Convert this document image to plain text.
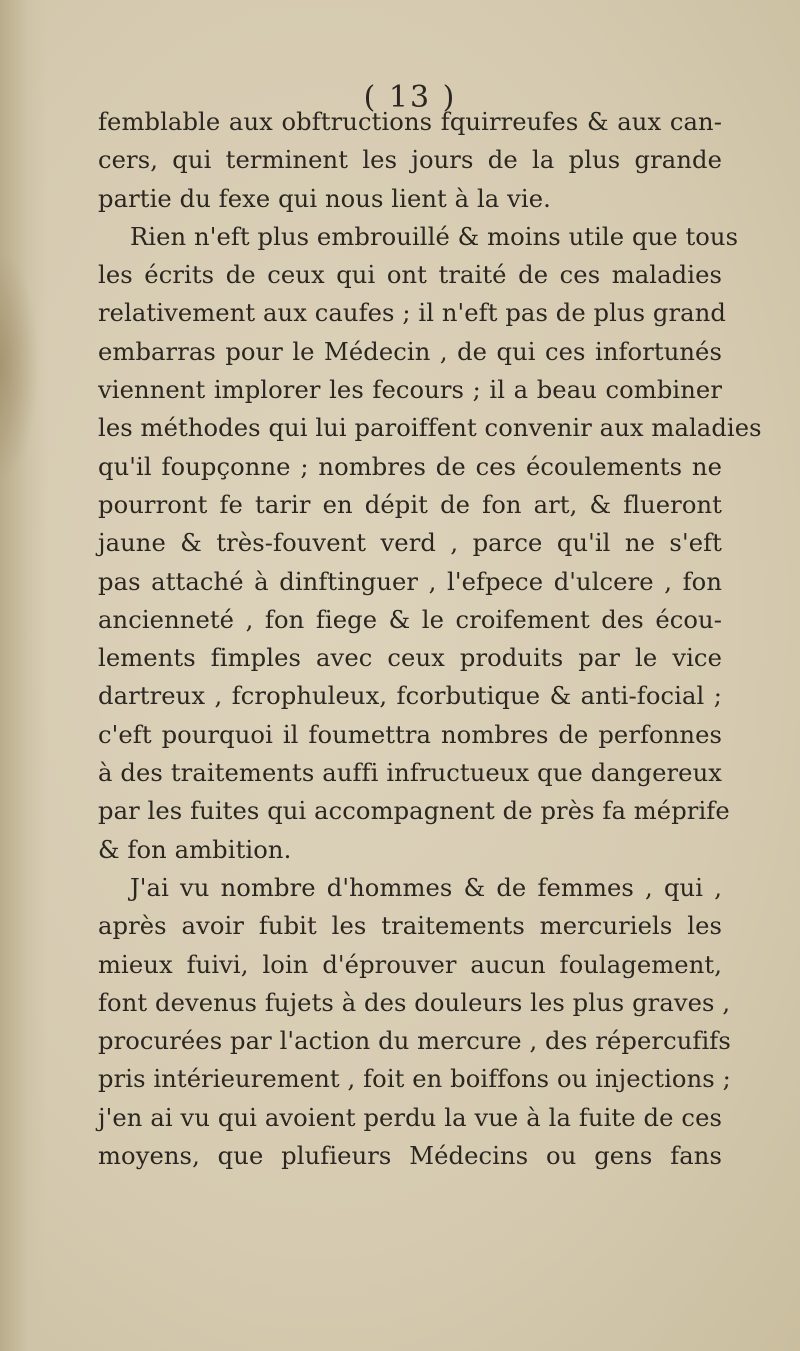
( 13 )
femblable aux obftructions fquirreufes & aux can-
cers, qui terminent les jours de la plus grande
partie du fexe qui nous lient à la vie.
Rien n'eft plus embrouillé & moins utile que tous
les écrits de ceux qui ont traité de ces maladies
relativement aux caufes ; il n'eft pas de plus grand
embarras pour le Médecin , de qui ces infortunés
viennent implorer les fecours ; il a beau combiner
les méthodes qui lui paroiffent convenir aux maladies
qu'il foupçonne ; nombres de ces écoulements ne
pourront fe tarir en dépit de fon art, & flueront
jaune & très-fouvent verd , parce qu'il ne s'eft
pas attaché à dinftinguer , l'efpece d'ulcere , fon
ancienneté , fon fiege & le croifement des écou-
lements fimples avec ceux produits par le vice
dartreux , fcrophuleux, fcorbutique & anti-focial ;
c'eft pourquoi il foumettra nombres de perfonnes
à des traitements auffi infructueux que dangereux
par les fuites qui accompagnent de près fa méprife
& fon ambition.
J'ai vu nombre d'hommes & de femmes , qui ,
après avoir fubit les traitements mercuriels les
mieux fuivi, loin d'éprouver aucun foulagement,
font devenus fujets à des douleurs les plus graves ,
procurées par l'action du mercure , des répercufifs
pris intérieurement , foit en boiffons ou injections ;
j'en ai vu qui avoient perdu la vue à la fuite de ces
moyens, que plufieurs Médecins ou gens fans
